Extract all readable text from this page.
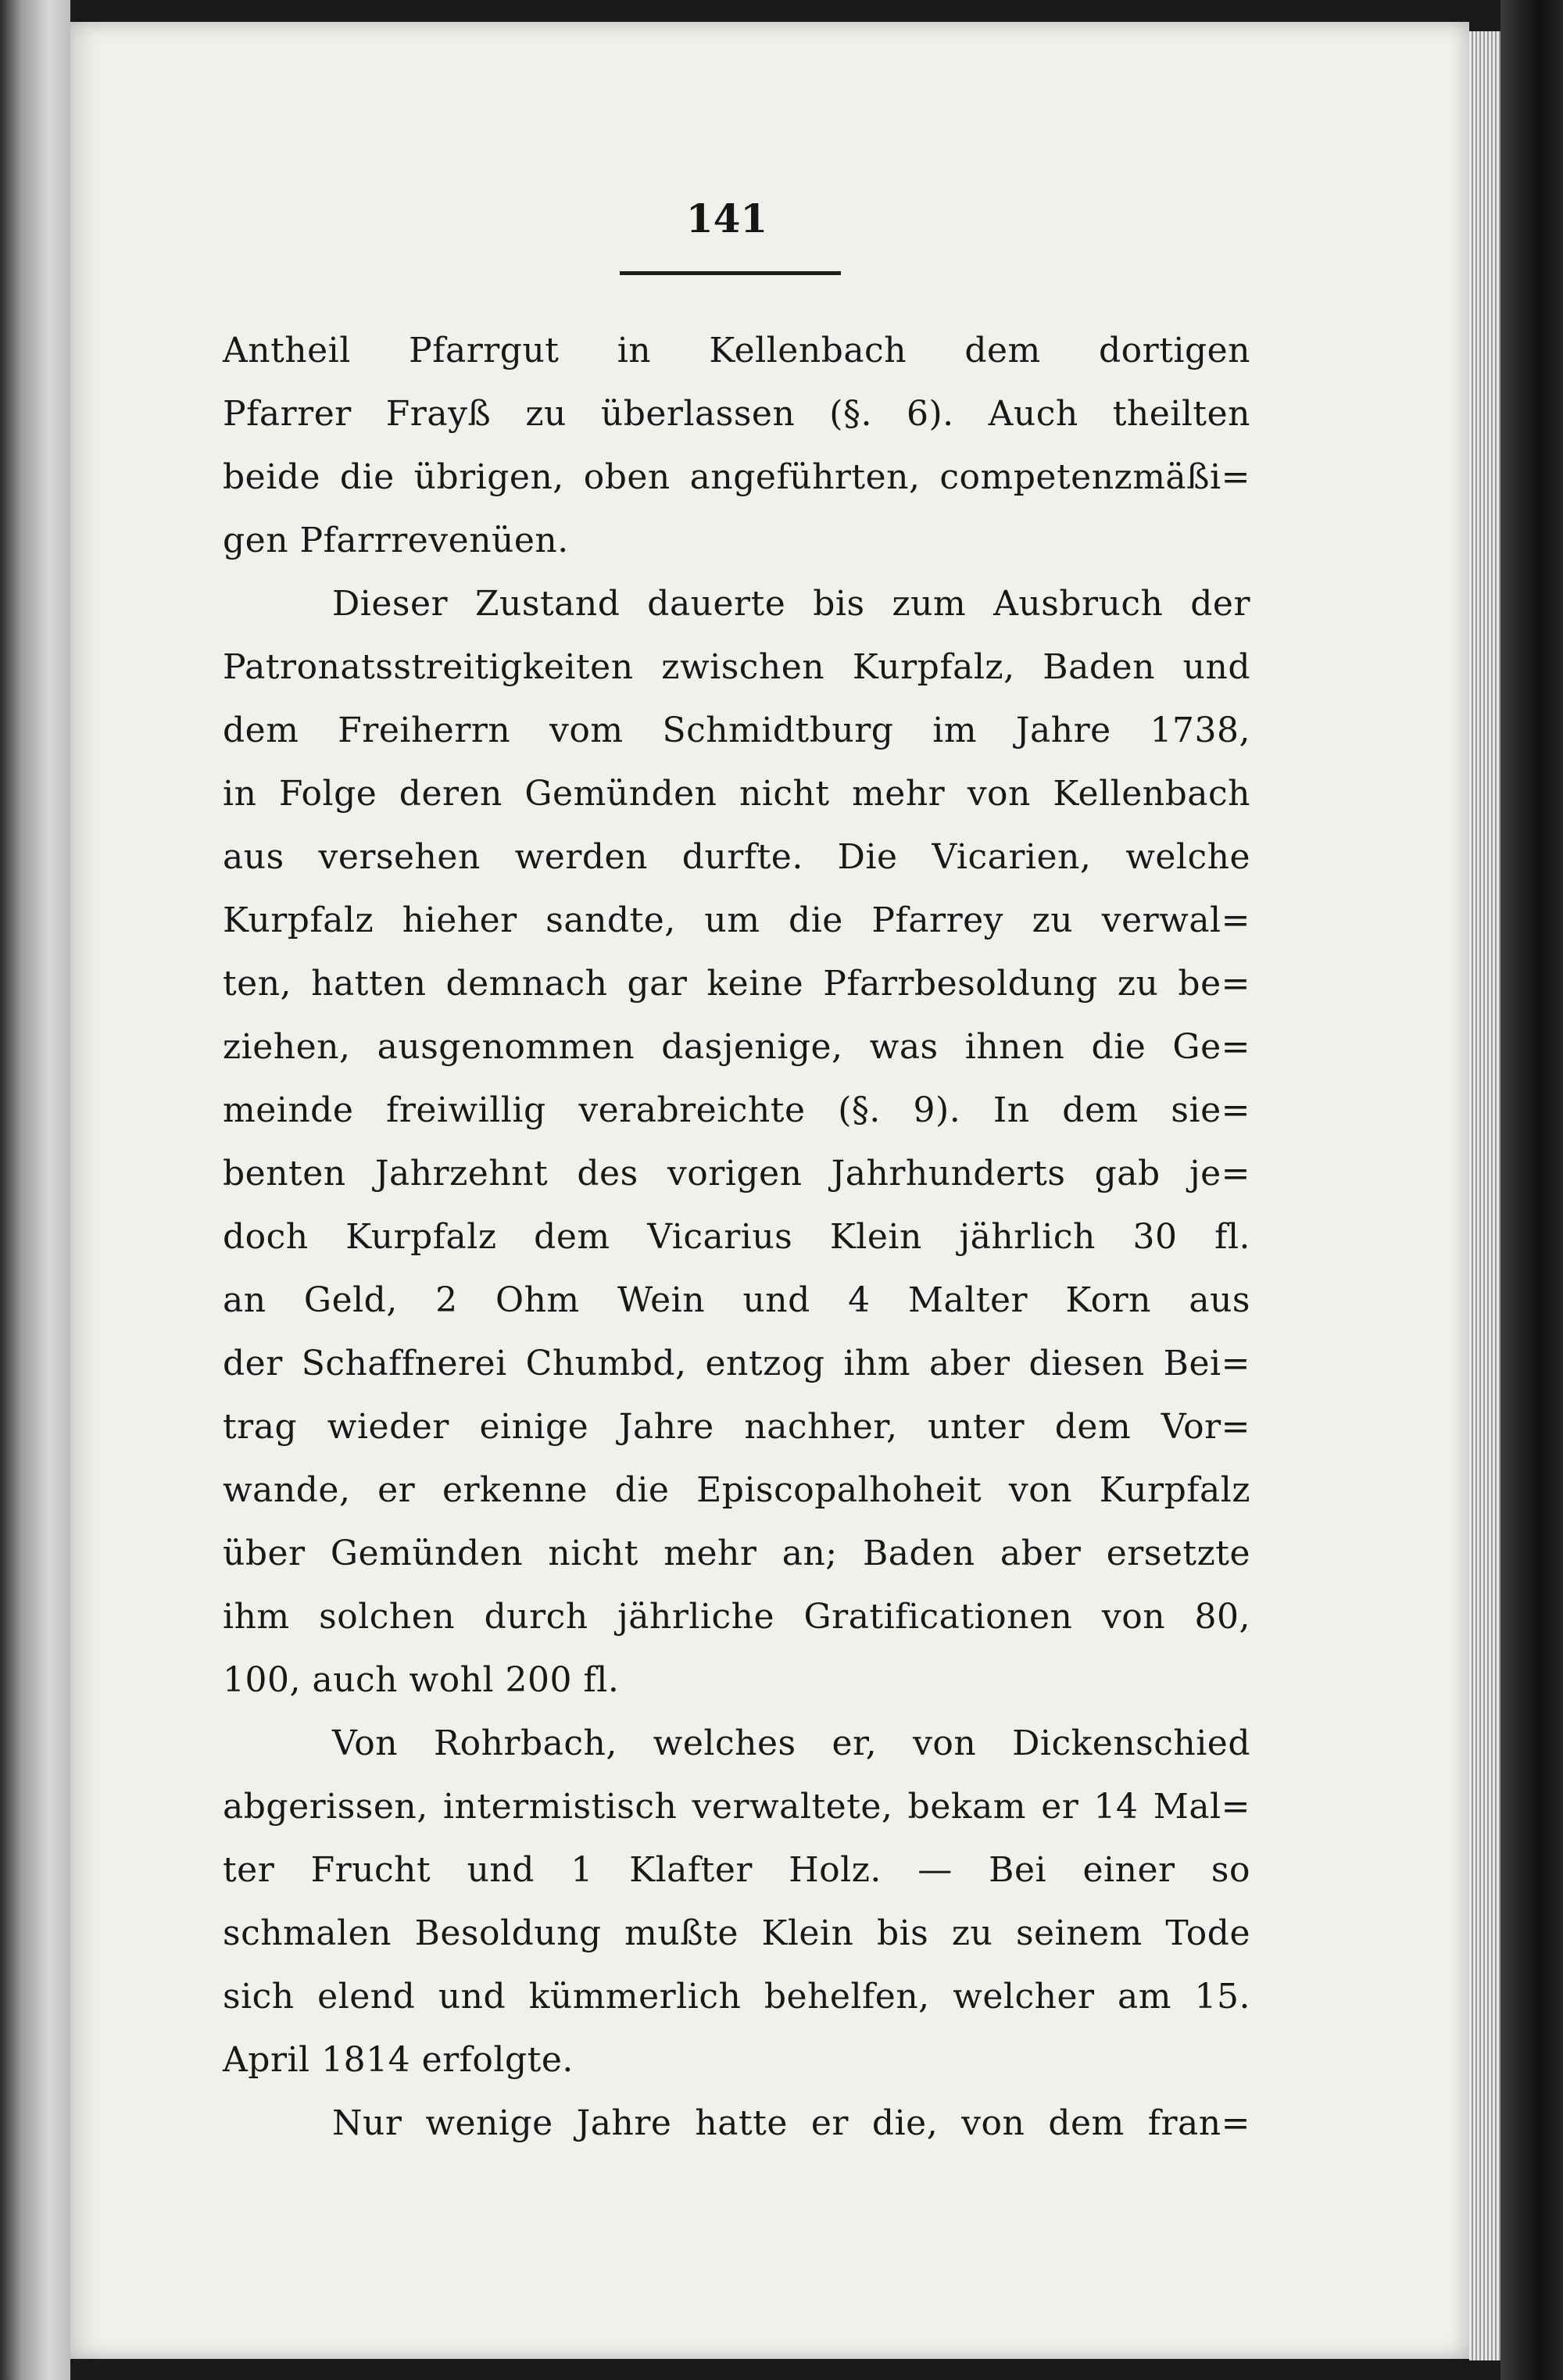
141
Antheil Pfarrgut in Kellenbach dem dortigen
Pfarrer Frayß zu überlassen (§. 6). Auch theilten
beide die übrigen, oben angeführten, competenzmäßi=
gen Pfarrrevenüen.
Dieser Zustand dauerte bis zum Ausbruch der
Patronatsstreitigkeiten zwischen Kurpfalz, Baden und
dem Freiherrn vom Schmidtburg im Jahre 1738,
in Folge deren Gemünden nicht mehr von Kellenbach
aus versehen werden durfte. Die Vicarien, welche
Kurpfalz hieher sandte, um die Pfarrey zu verwal=
ten, hatten demnach gar keine Pfarrbesoldung zu be=
ziehen, ausgenommen dasjenige, was ihnen die Ge=
meinde freiwillig verabreichte (§. 9). In dem sie=
benten Jahrzehnt des vorigen Jahrhunderts gab je=
doch Kurpfalz dem Vicarius Klein jährlich 30 fl.
an Geld, 2 Ohm Wein und 4 Malter Korn aus
der Schaffnerei Chumbd, entzog ihm aber diesen Bei=
trag wieder einige Jahre nachher, unter dem Vor=
wande, er erkenne die Episcopalhoheit von Kurpfalz
über Gemünden nicht mehr an; Baden aber ersetzte
ihm solchen durch jährliche Gratificationen von 80,
100, auch wohl 200 fl.
Von Rohrbach, welches er, von Dickenschied
abgerissen, intermistisch verwaltete, bekam er 14 Mal=
ter Frucht und 1 Klafter Holz. — Bei einer so
schmalen Besoldung mußte Klein bis zu seinem Tode
sich elend und kümmerlich behelfen, welcher am 15.
April 1814 erfolgte.
Nur wenige Jahre hatte er die, von dem fran=
